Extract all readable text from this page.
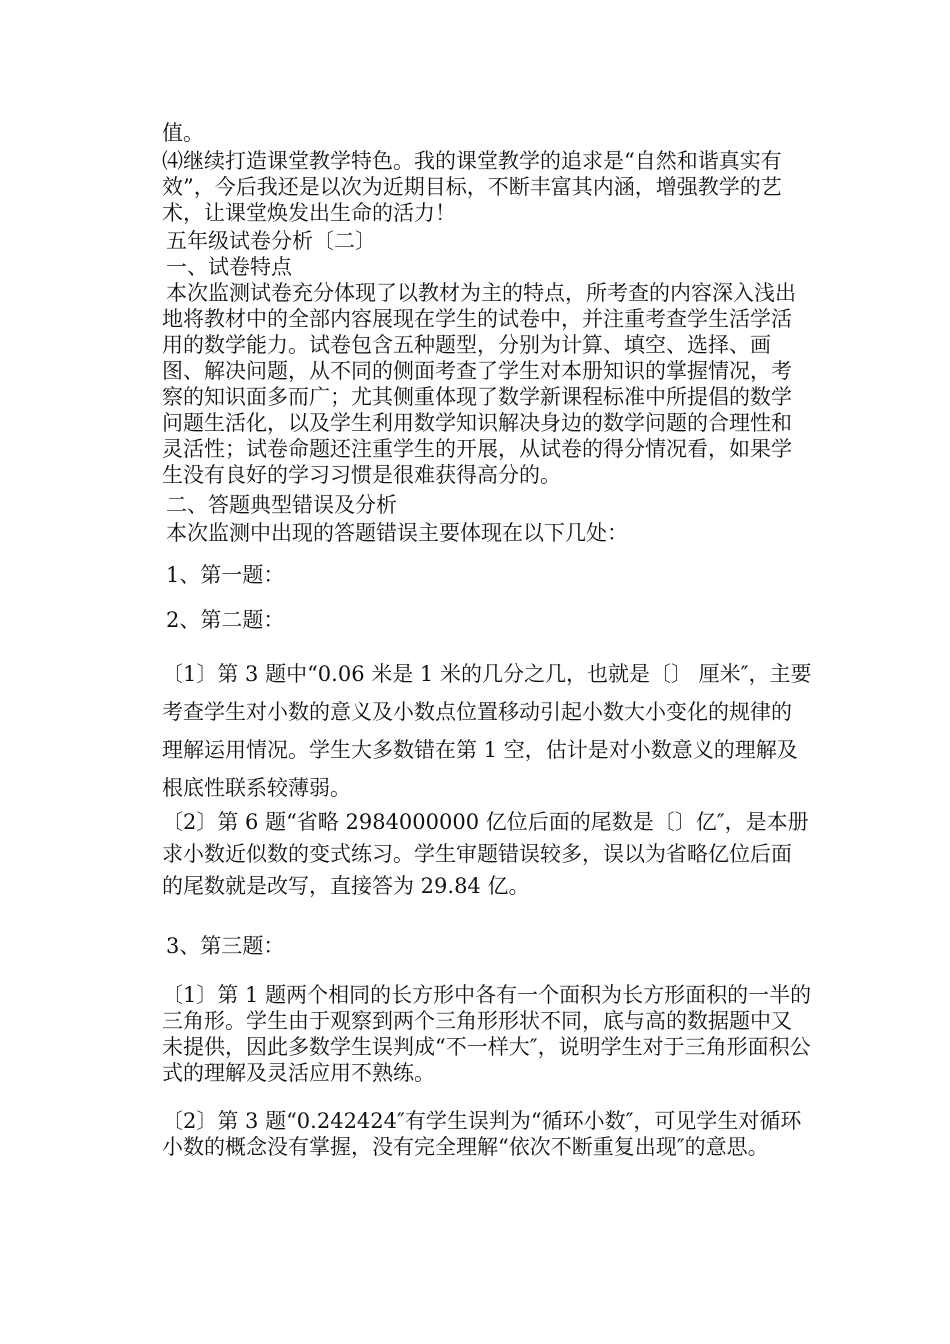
值。

⑷继续打造课堂教学特色。我的课堂教学的追求是“自然和谐真实有效”，今后我还是以次为近期目标，不断丰富其内涵，增强教学的艺术，让课堂焕发出生命的活力！

五年级试卷分析〔二〕

一、试卷特点

本次监测试卷充分体现了以教材为主的特点，所考查的内容深入浅出地将教材中的全部内容展现在学生的试卷中，并注重考查学生活学活用的数学能力。试卷包含五种题型，分别为计算、填空、选择、画图、解决问题，从不同的侧面考查了学生对本册知识的掌握情况，考察的知识面多而广；尤其侧重体现了数学新课程标准中所提倡的数学问题生活化，以及学生利用数学知识解决身边的数学问题的合理性和灵活性；试卷命题还注重学生的开展，从试卷的得分情况看，如果学生没有良好的学习习惯是很难获得高分的。

二、答题典型错误及分析

本次监测中出现的答题错误主要体现在以下几处：

1、第一题：

2、第二题：

〔1〕第 3 题中“0.06 米是 1 米的几分之几，也就是〔〕 厘米″，主要考查学生对小数的意义及小数点位置移动引起小数大小变化的规律的理解运用情况。学生大多数错在第 1 空，估计是对小数意义的理解及根底性联系较薄弱。

〔2〕第 6 题“省略 2984000000 亿位后面的尾数是〔〕亿″，是本册求小数近似数的变式练习。学生审题错误较多，误以为省略亿位后面的尾数就是改写，直接答为 29.84 亿。

3、第三题：

〔1〕第 1 题两个相同的长方形中各有一个面积为长方形面积的一半的三角形。学生由于观察到两个三角形形状不同，底与高的数据题中又未提供，因此多数学生误判成“不一样大″，说明学生对于三角形面积公式的理解及灵活应用不熟练。

〔2〕第 3 题“0.242424″有学生误判为“循环小数″，可见学生对循环小数的概念没有掌握，没有完全理解“依次不断重复出现″的意思。
